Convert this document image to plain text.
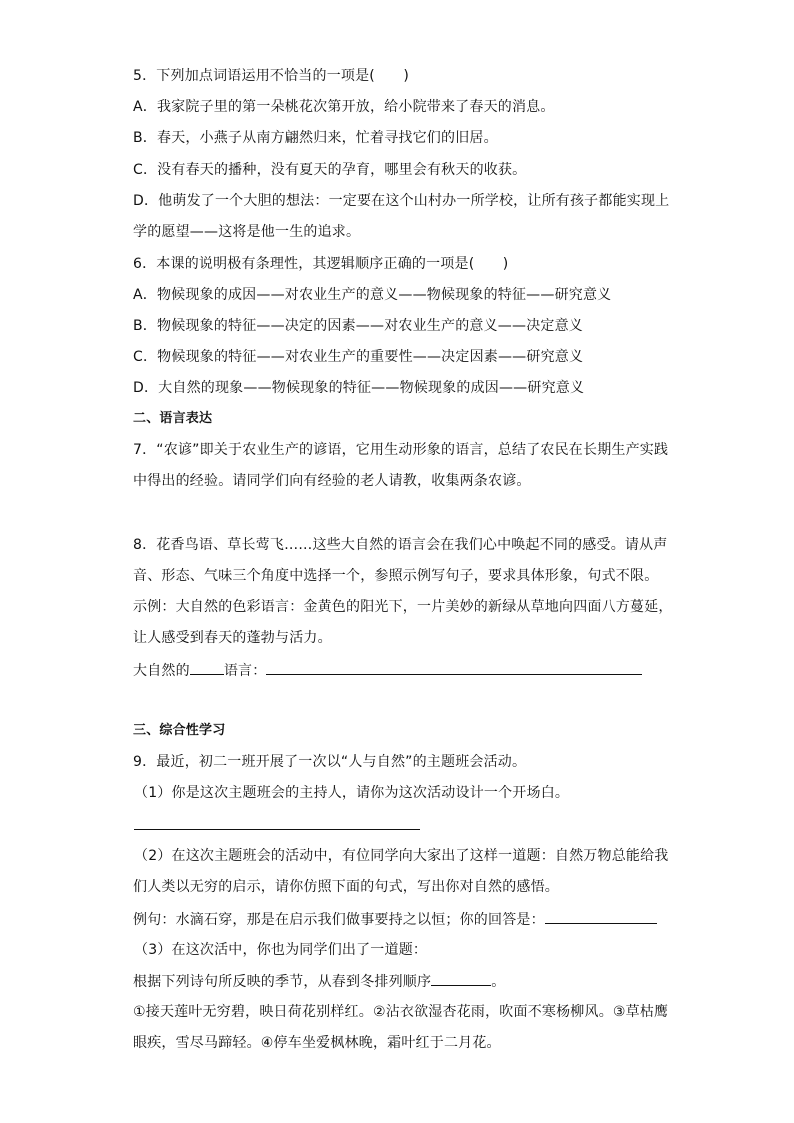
5．下列加点词语运用不恰当的一项是(　　)
A．我家院子里的第一朵桃花次第开放，给小院带来了春天的消息。
B．春天，小燕子从南方翩然归来，忙着寻找它们的旧居。
C．没有春天的播种，没有夏天的孕育，哪里会有秋天的收获。
D．他萌发了一个大胆的想法：一定要在这个山村办一所学校，让所有孩子都能实现上
学的愿望——这将是他一生的追求。
6．本课的说明极有条理性，其逻辑顺序正确的一项是(　　)
A．物候现象的成因——对农业生产的意义——物候现象的特征——研究意义
B．物候现象的特征——决定的因素——对农业生产的意义——决定意义
C．物候现象的特征——对农业生产的重要性——决定因素——研究意义
D．大自然的现象——物候现象的特征——物候现象的成因——研究意义
二、语言表达
7．“农谚”即关于农业生产的谚语，它用生动形象的语言，总结了农民在长期生产实践
中得出的经验。请同学们向有经验的老人请教，收集两条农谚。
8．花香鸟语、草长莺飞……这些大自然的语言会在我们心中唤起不同的感受。请从声
音、形态、气味三个角度中选择一个，参照示例写句子，要求具体形象，句式不限。
示例：大自然的色彩语言：金黄色的阳光下，一片美妙的新绿从草地向四面八方蔓延，
让人感受到春天的蓬勃与活力。
大自然的 语言：
三、综合性学习
9．最近，初二一班开展了一次以“人与自然”的主题班会活动。
（1）你是这次主题班会的主持人，请你为这次活动设计一个开场白。
（2）在这次主题班会的活动中，有位同学向大家出了这样一道题：自然万物总能给我
们人类以无穷的启示，请你仿照下面的句式，写出你对自然的感悟。
例句：水滴石穿，那是在启示我们做事要持之以恒；你的回答是：
（3）在这次活中，你也为同学们出了一道题：
根据下列诗句所反映的季节，从春到冬排列顺序	。
①接天莲叶无穷碧，映日荷花别样红。②沾衣欲湿杏花雨，吹面不寒杨柳风。③草枯鹰
眼疾，雪尽马蹄轻。④停车坐爱枫林晚，霜叶红于二月花。
